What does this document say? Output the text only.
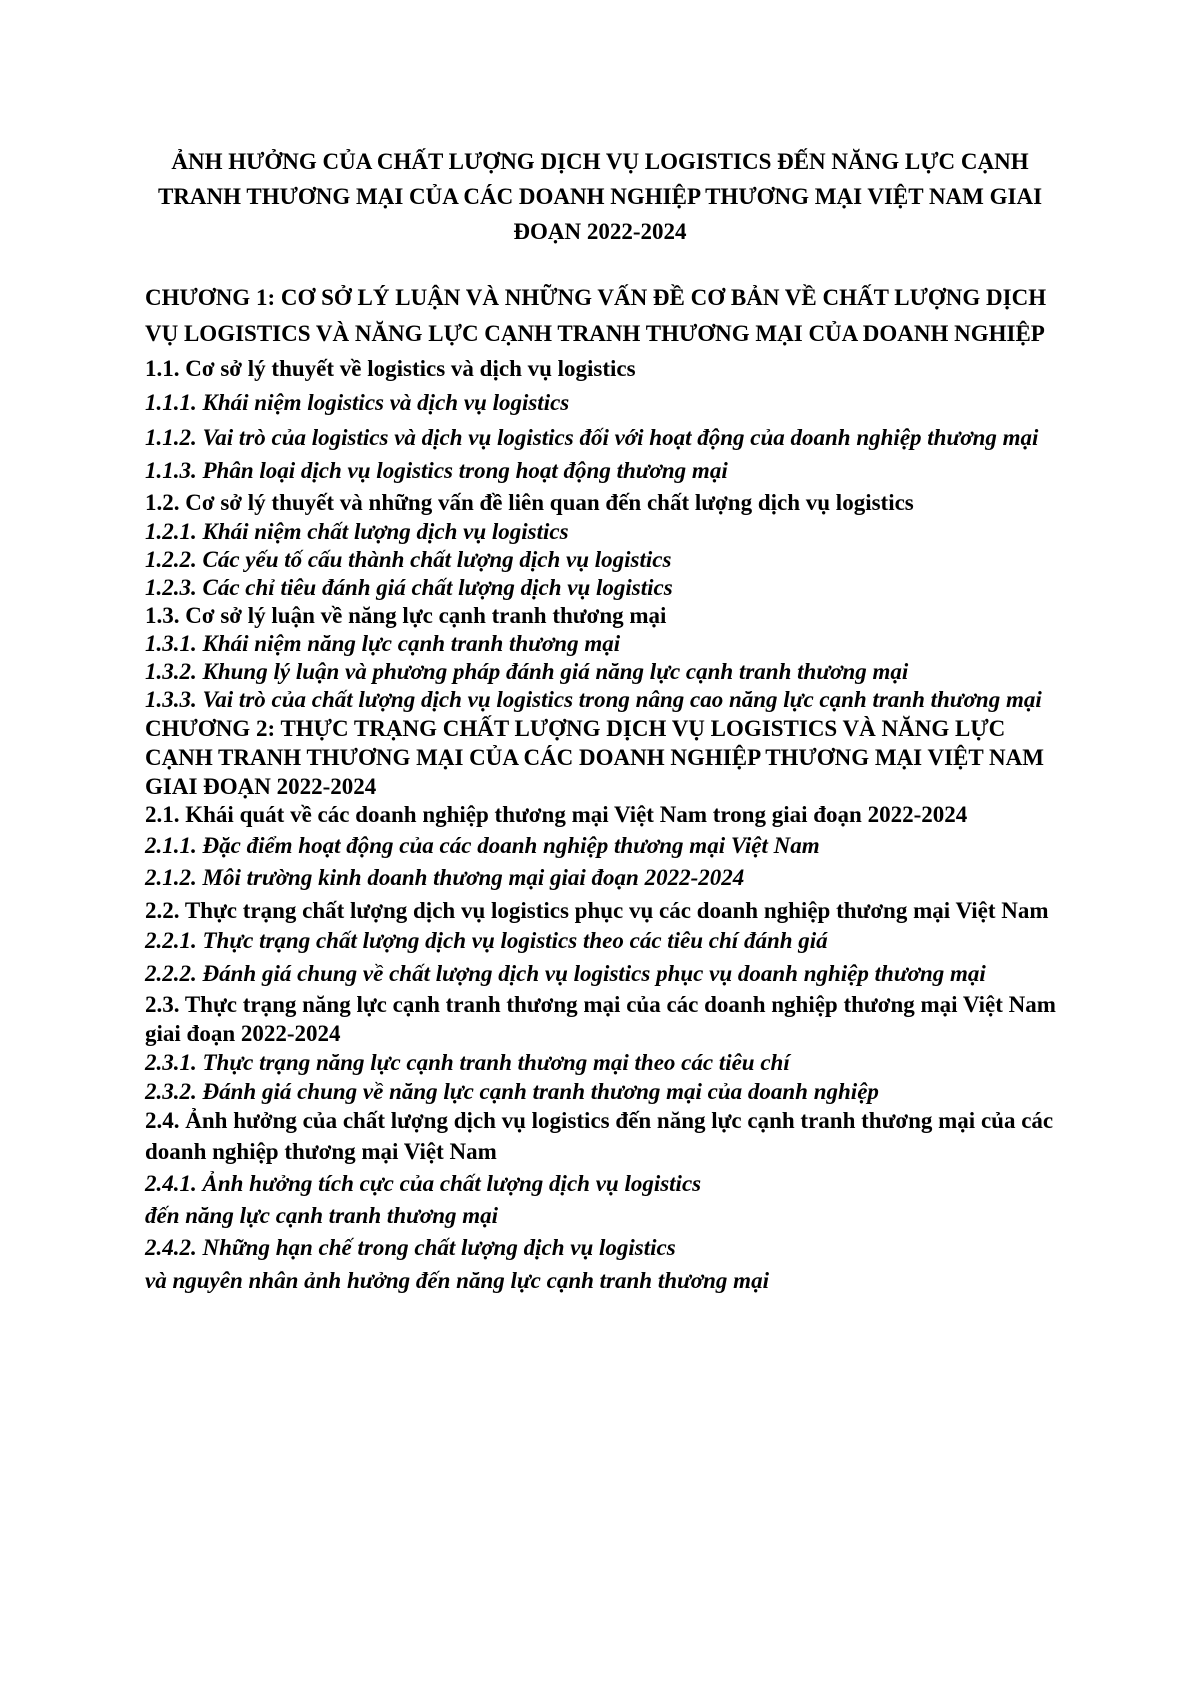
ẢNH HƯỞNG CỦA CHẤT LƯỢNG DỊCH VỤ LOGISTICS ĐẾN NĂNG LỰC CẠNH TRANH THƯƠNG MẠI CỦA CÁC DOANH NGHIỆP THƯƠNG MẠI VIỆT NAM GIAI ĐOẠN 2022-2024

CHƯƠNG 1: CƠ SỞ LÝ LUẬN VÀ NHỮNG VẤN ĐỀ CƠ BẢN VỀ CHẤT LƯỢNG DỊCH VỤ LOGISTICS VÀ NĂNG LỰC CẠNH TRANH THƯƠNG MẠI CỦA DOANH NGHIỆP

1.1. Cơ sở lý thuyết về logistics và dịch vụ logistics

1.1.1. Khái niệm logistics và dịch vụ logistics

1.1.2. Vai trò của logistics và dịch vụ logistics đối với hoạt động của doanh nghiệp thương mại

1.1.3. Phân loại dịch vụ logistics trong hoạt động thương mại

1.2. Cơ sở lý thuyết và những vấn đề liên quan đến chất lượng dịch vụ logistics

1.2.1. Khái niệm chất lượng dịch vụ logistics

1.2.2. Các yếu tố cấu thành chất lượng dịch vụ logistics

1.2.3. Các chỉ tiêu đánh giá chất lượng dịch vụ logistics

1.3. Cơ sở lý luận về năng lực cạnh tranh thương mại

1.3.1. Khái niệm năng lực cạnh tranh thương mại

1.3.2. Khung lý luận và phương pháp đánh giá năng lực cạnh tranh thương mại

1.3.3. Vai trò của chất lượng dịch vụ logistics trong nâng cao năng lực cạnh tranh thương mại

CHƯƠNG 2: THỰC TRẠNG CHẤT LƯỢNG DỊCH VỤ LOGISTICS VÀ NĂNG LỰC CẠNH TRANH THƯƠNG MẠI CỦA CÁC DOANH NGHIỆP THƯƠNG MẠI VIỆT NAM GIAI ĐOẠN 2022-2024

2.1. Khái quát về các doanh nghiệp thương mại Việt Nam trong giai đoạn 2022-2024

2.1.1. Đặc điểm hoạt động của các doanh nghiệp thương mại Việt Nam

2.1.2. Môi trường kinh doanh thương mại giai đoạn 2022-2024

2.2. Thực trạng chất lượng dịch vụ logistics phục vụ các doanh nghiệp thương mại Việt Nam

2.2.1. Thực trạng chất lượng dịch vụ logistics theo các tiêu chí đánh giá

2.2.2. Đánh giá chung về chất lượng dịch vụ logistics phục vụ doanh nghiệp thương mại

2.3. Thực trạng năng lực cạnh tranh thương mại của các doanh nghiệp thương mại Việt Nam giai đoạn 2022-2024

2.3.1. Thực trạng năng lực cạnh tranh thương mại theo các tiêu chí

2.3.2. Đánh giá chung về năng lực cạnh tranh thương mại của doanh nghiệp

2.4. Ảnh hưởng của chất lượng dịch vụ logistics đến năng lực cạnh tranh thương mại của các doanh nghiệp thương mại Việt Nam

2.4.1. Ảnh hưởng tích cực của chất lượng dịch vụ logistics

đến năng lực cạnh tranh thương mại

2.4.2. Những hạn chế trong chất lượng dịch vụ logistics

và nguyên nhân ảnh hưởng đến năng lực cạnh tranh thương mại
